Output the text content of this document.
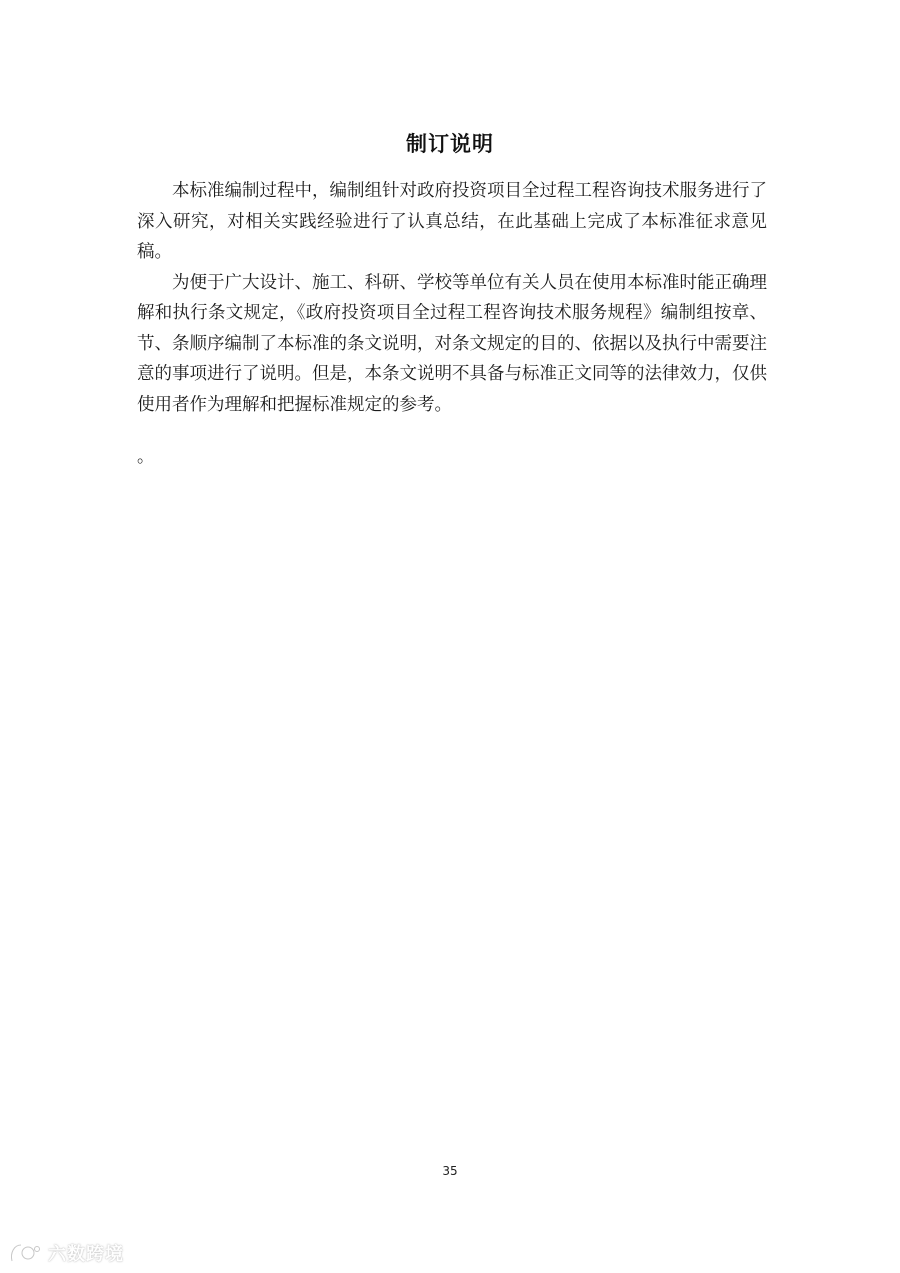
制订说明

本标准编制过程中，编制组针对政府投资项目全过程工程咨询技术服务进行了深入研究，对相关实践经验进行了认真总结，在此基础上完成了本标准征求意见稿。

为便于广大设计、施工、科研、学校等单位有关人员在使用本标准时能正确理解和执行条文规定，《政府投资项目全过程工程咨询技术服务规程》编制组按章、节、条顺序编制了本标准的条文说明，对条文规定的目的、依据以及执行中需要注意的事项进行了说明。但是，本条文说明不具备与标准正文同等的法律效力，仅供使用者作为理解和把握标准规定的参考。

。
35
六数跨境
